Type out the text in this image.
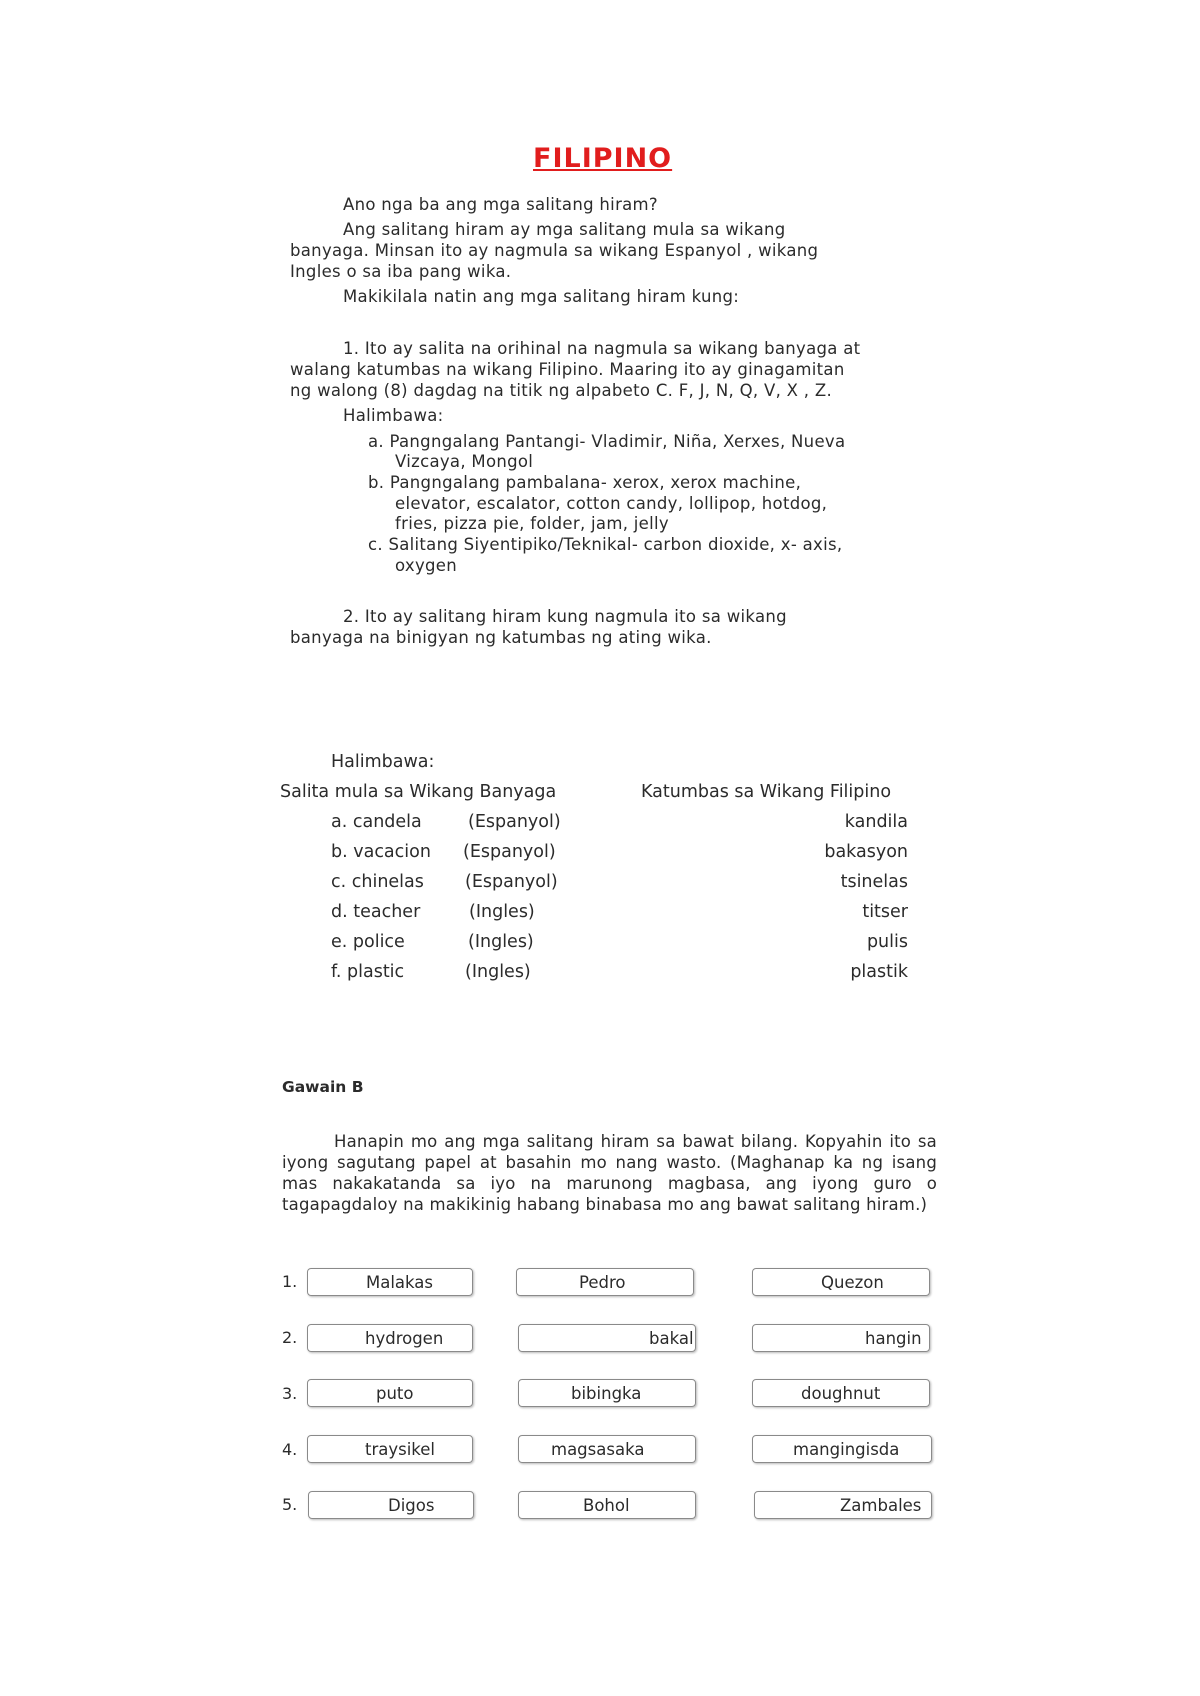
FILIPINO
Ano nga ba ang mga salitang hiram?
Ang salitang hiram ay mga salitang mula sa wikang
banyaga. Minsan ito ay nagmula sa wikang Espanyol , wikang
Ingles o sa iba pang wika.
Makikilala natin ang mga salitang hiram kung:
1. Ito ay salita na orihinal na nagmula sa wikang banyaga at
walang katumbas na wikang Filipino. Maaring ito ay ginagamitan
ng walong (8) dagdag na titik ng alpabeto C. F, J, N, Q, V, X , Z.
Halimbawa:
a. Pangngalang Pantangi- Vladimir, Niña, Xerxes, Nueva
Vizcaya, Mongol
b. Pangngalang pambalana- xerox, xerox machine,
elevator, escalator, cotton candy, lollipop, hotdog,
fries, pizza pie, folder, jam, jelly
c. Salitang Siyentipiko/Teknikal- carbon dioxide, x- axis,
oxygen
2. Ito ay salitang hiram kung nagmula ito sa wikang
banyaga na binigyan ng katumbas ng ating wika.
Halimbawa:
Salita mula sa Wikang Banyaga	Katumbas sa Wikang Filipino
a. candela	(Espanyol)	kandila
b. vacacion (Espanyol)	bakasyon
c. chinelas (Espanyol)	tsinelas
d. teacher	(Ingles)	titser
e. police	(Ingles)	pulis
f. plastic	(Ingles)	plastik
Gawain B
Hanapin mo ang mga salitang hiram sa bawat bilang. Kopyahin ito sa iyong sagutang papel at basahin mo nang wasto. (Maghanap ka ng isang mas nakakatanda sa iyo na marunong magbasa, ang iyong guro o tagapagdaloy na makikinig habang binabasa mo ang bawat salitang hiram.)
1.	Malakas	Pedro	Quezon
2.	hydrogen	bakal	hangin
3.	puto	bibingka	doughnut
4.	traysikel	magsasaka	mangingisda
5.	Digos	Bohol	Zambales
